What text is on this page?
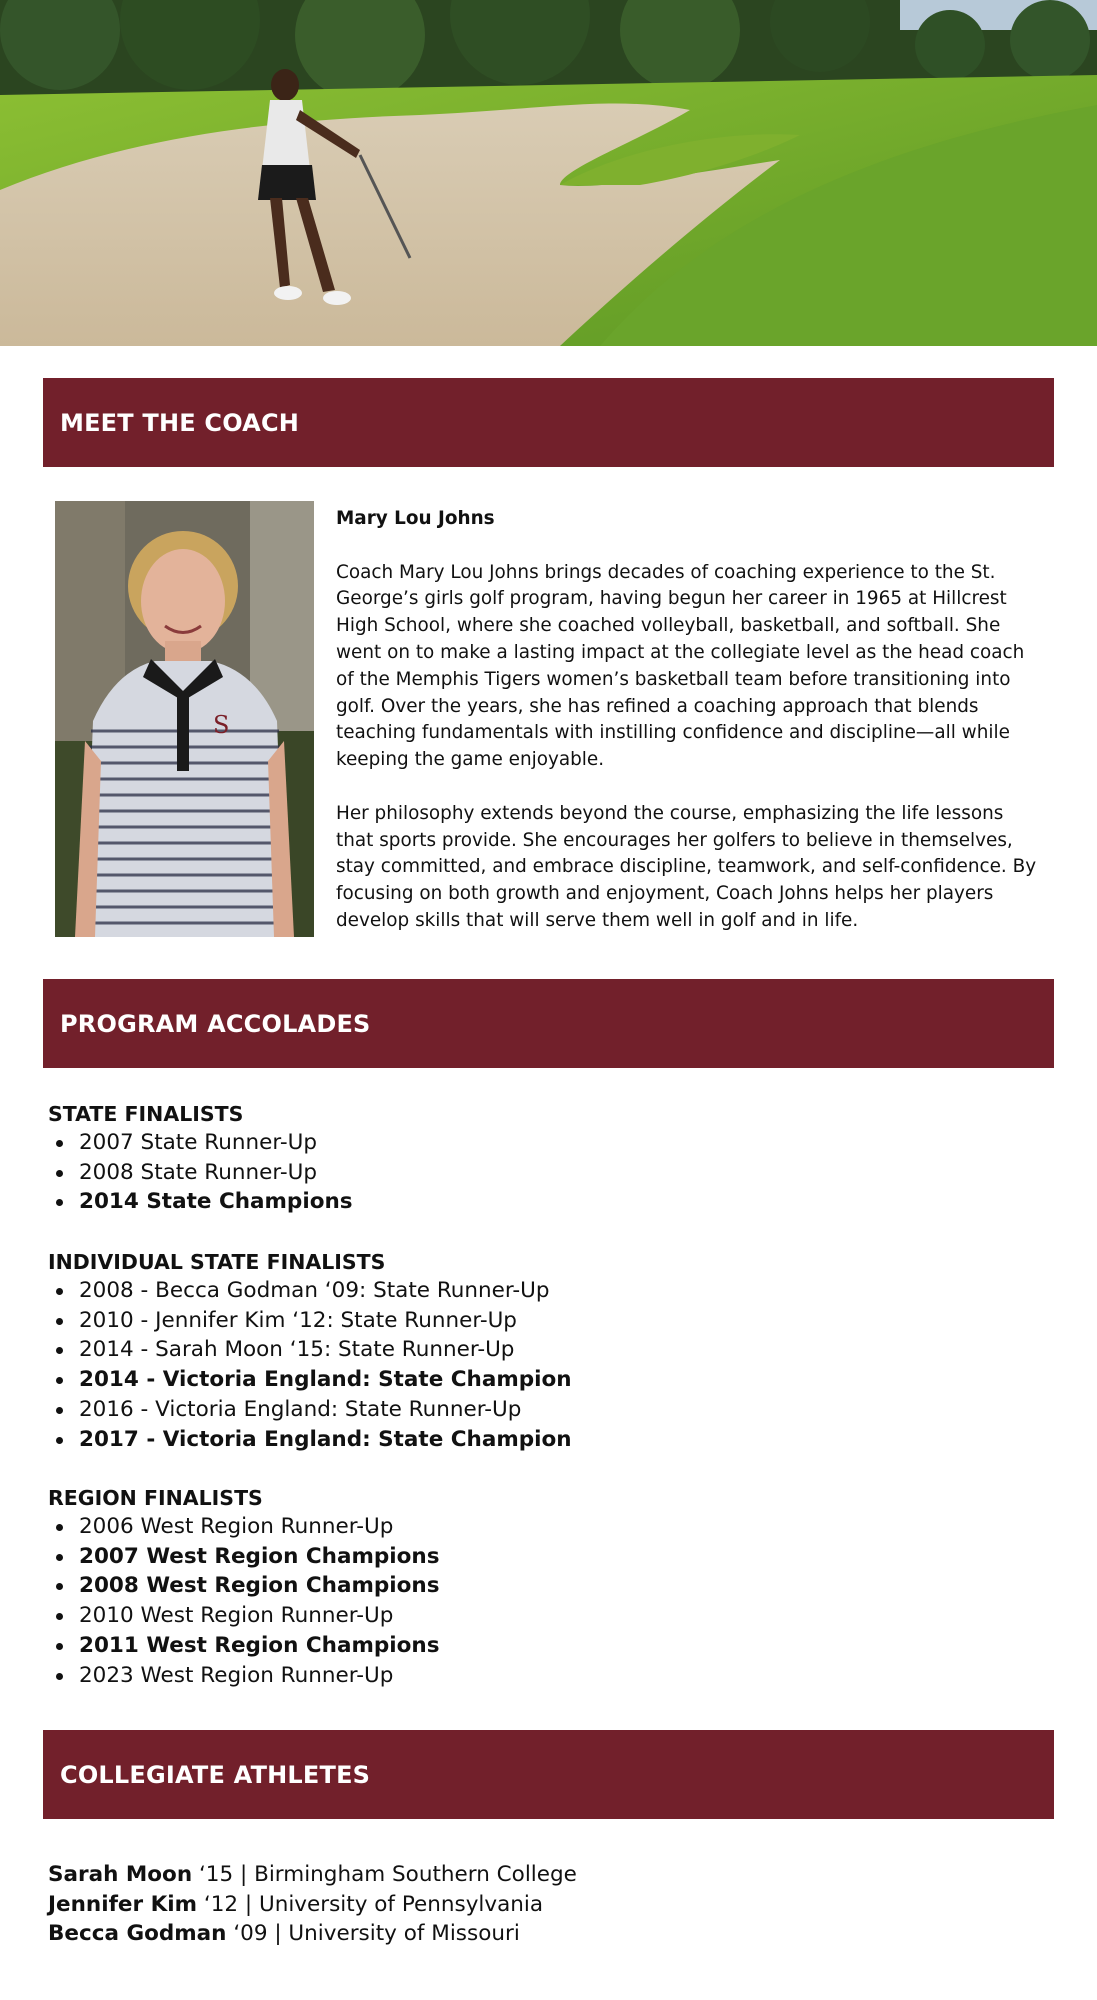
MEET THE COACH
S

Mary Lou Johns

Coach Mary Lou Johns brings decades of coaching experience to the St. George’s girls golf program, having begun her career in 1965 at Hillcrest High School, where she coached volleyball, basketball, and softball. She went on to make a lasting impact at the collegiate level as the head coach of the Memphis Tigers women’s basketball team before transitioning into golf. Over the years, she has refined a coaching approach that blends teaching fundamentals with instilling confidence and discipline—all while keeping the game enjoyable.

Her philosophy extends beyond the course, emphasizing the life lessons that sports provide. She encourages her golfers to believe in themselves, stay committed, and embrace discipline, teamwork, and self-confidence. By focusing on both growth and enjoyment, Coach Johns helps her players develop skills that will serve them well in golf and in life.

PROGRAM ACCOLADES
STATE FINALISTS
2007 State Runner-Up
2008 State Runner-Up
2014 State Champions
INDIVIDUAL STATE FINALISTS
2008 - Becca Godman ‘09: State Runner-Up
2010 - Jennifer Kim ‘12: State Runner-Up
2014 - Sarah Moon ‘15: State Runner-Up
2014 - Victoria England: State Champion
2016 - Victoria England: State Runner-Up
2017 - Victoria England: State Champion
REGION FINALISTS
2006 West Region Runner-Up
2007 West Region Champions
2008 West Region Champions
2010 West Region Runner-Up
2011 West Region Champions
2023 West Region Runner-Up
COLLEGIATE ATHLETES
Sarah Moon ‘15 | Birmingham Southern College
Jennifer Kim ‘12 | University of Pennsylvania
Becca Godman ‘09 | University of Missouri
